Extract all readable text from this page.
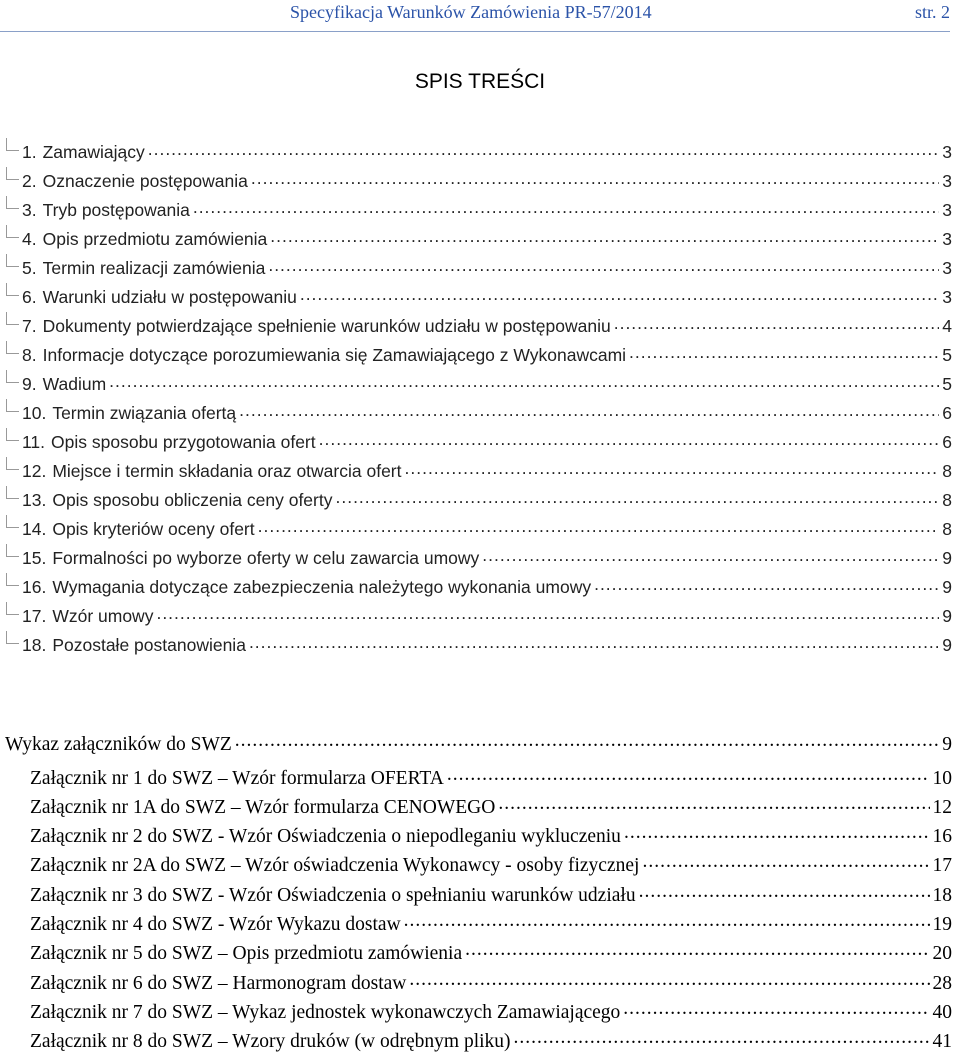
Specyfikacja Warunków Zamówienia PR-57/2014	str. 2
SPIS TREŚCI
1. Zamawiający .....	3
2. Oznaczenie postępowania .....	3
3. Tryb postępowania .....	3
4. Opis przedmiotu zamówienia .....	3
5. Termin realizacji zamówienia .....	3
6. Warunki udziału w postępowaniu .....	3
7. Dokumenty potwierdzające spełnienie warunków udziału w postępowaniu .....	4
8. Informacje dotyczące porozumiewania się Zamawiającego z Wykonawcami .....	5
9. Wadium .....	5
10. Termin związania ofertą .....	6
11. Opis sposobu przygotowania ofert .....	6
12. Miejsce i termin składania oraz otwarcia ofert .....	8
13. Opis sposobu obliczenia ceny oferty .....	8
14. Opis kryteriów oceny ofert .....	8
15. Formalności po wyborze oferty w celu zawarcia umowy .....	9
16. Wymagania dotyczące zabezpieczenia należytego wykonania umowy .....	9
17. Wzór umowy .....	9
18. Pozostałe postanowienia .....	9
Wykaz załączników do SWZ .....	9
Załącznik nr 1 do SWZ – Wzór formularza OFERTA .....	10
Załącznik nr 1A do SWZ – Wzór formularza CENOWEGO .....	12
Załącznik nr 2 do SWZ - Wzór Oświadczenia o niepodleganiu wykluczeniu .....	16
Załącznik nr 2A do SWZ – Wzór oświadczenia Wykonawcy - osoby fizycznej .....	17
Załącznik nr 3 do SWZ - Wzór Oświadczenia o spełnianiu warunków udziału .....	18
Załącznik nr 4 do SWZ - Wzór Wykazu dostaw .....	19
Załącznik nr 5 do SWZ – Opis przedmiotu zamówienia .....	20
Załącznik nr 6 do SWZ – Harmonogram dostaw .....	28
Załącznik nr 7 do SWZ – Wykaz jednostek wykonawczych Zamawiającego .....	40
Załącznik nr 8 do SWZ – Wzory druków (w odrębnym pliku) .....	41
